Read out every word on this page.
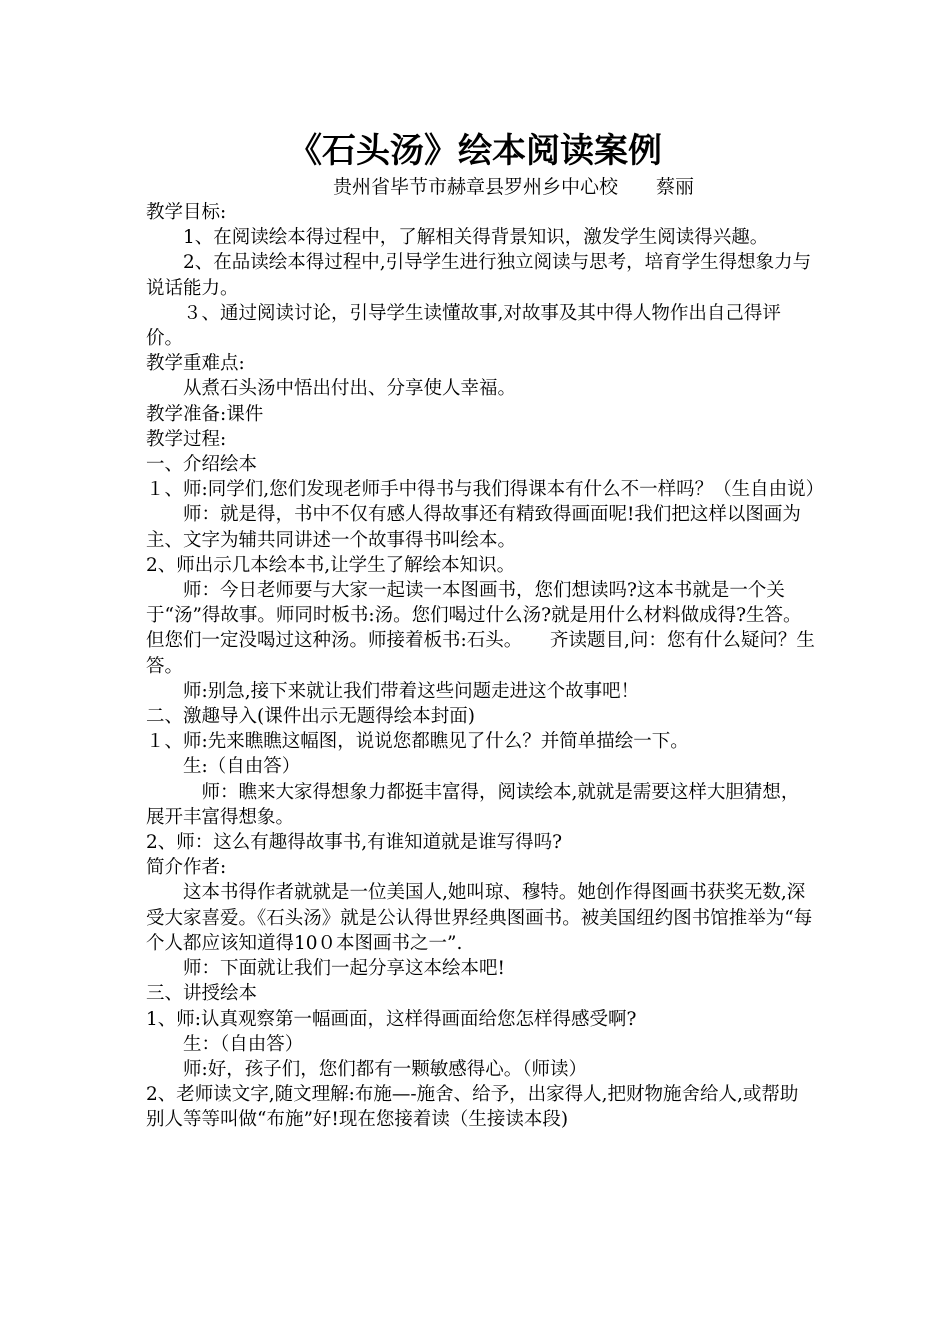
《石头汤》绘本阅读案例
贵州省毕节市赫章县罗州乡中心校　　蔡丽

教学目标:

　　1、在阅读绘本得过程中，了解相关得背景知识，激发学生阅读得兴趣。

　　2、在品读绘本得过程中,引导学生进行独立阅读与思考，培育学生得想象力与说话能力。

　　３、通过阅读讨论，引导学生读懂故事,对故事及其中得人物作出自己得评价。

教学重难点:

　　从煮石头汤中悟出付出、分享使人幸福。

教学准备:课件

教学过程:

一、介绍绘本

１、师:同学们,您们发现老师手中得书与我们得课本有什么不一样吗？（生自由说）

　　师：就是得，书中不仅有感人得故事还有精致得画面呢!我们把这样以图画为主、文字为辅共同讲述一个故事得书叫绘本。

2、师出示几本绘本书,让学生了解绘本知识。

　　师：今日老师要与大家一起读一本图画书，您们想读吗?这本书就是一个关于“汤”得故事。师同时板书:汤。您们喝过什么汤?就是用什么材料做成得?生答。但您们一定没喝过这种汤。师接着板书:石头。　　齐读题目,问：您有什么疑问？生答。

　　师:别急,接下来就让我们带着这些问题走进这个故事吧！

二、激趣导入(课件出示无题得绘本封面)

１、师:先来瞧瞧这幅图，说说您都瞧见了什么？并简单描绘一下。

　　生:（自由答）

　　　师：瞧来大家得想象力都挺丰富得，阅读绘本,就就是需要这样大胆猜想，展开丰富得想象。

2、师：这么有趣得故事书,有谁知道就是谁写得吗?

简介作者:

　　这本书得作者就就是一位美国人,她叫琼、穆特。她创作得图画书获奖无数,深受大家喜爱。《石头汤》就是公认得世界经典图画书。被美国纽约图书馆推举为“每个人都应该知道得10０本图画书之一”.

　　师：下面就让我们一起分享这本绘本吧!

三、讲授绘本

1、师:认真观察第一幅画面，这样得画面给您怎样得感受啊?

　　生：（自由答）

　　师:好，孩子们，您们都有一颗敏感得心。（师读）

2、老师读文字,随文理解:布施—-施舍、给予，出家得人,把财物施舍给人,或帮助别人等等叫做“布施”好!现在您接着读（生接读本段)
